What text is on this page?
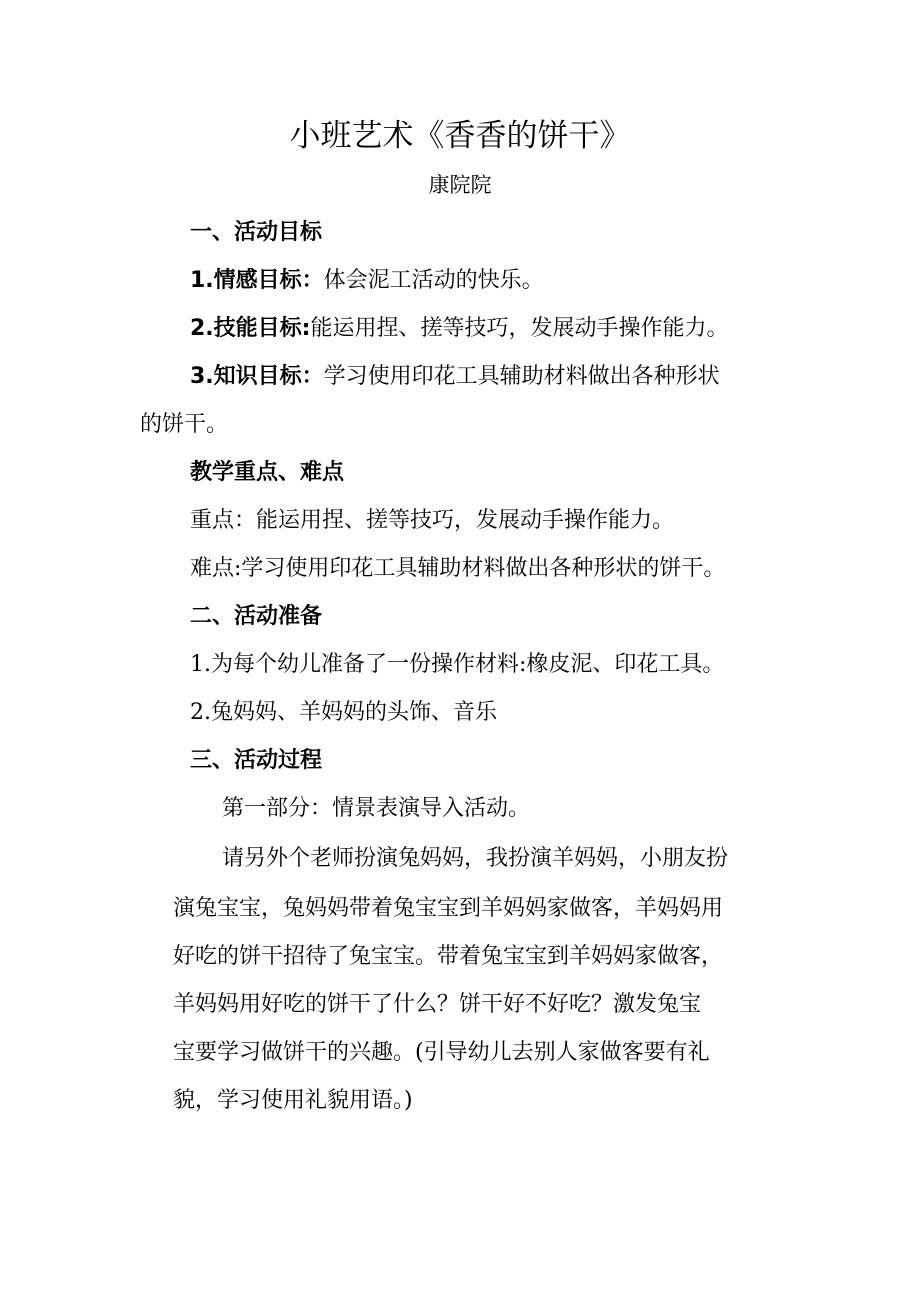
小班艺术《香香的饼干》
康院院
一、活动目标
1.情感目标：体会泥工活动的快乐。
2.技能目标:能运用捏、搓等技巧，发展动手操作能力。
3.知识目标：学习使用印花工具辅助材料做出各种形状
的饼干。
教学重点、难点
重点：能运用捏、搓等技巧，发展动手操作能力。
难点:学习使用印花工具辅助材料做出各种形状的饼干。
二、活动准备
1.为每个幼儿准备了一份操作材料:橡皮泥、印花工具。
2.兔妈妈、羊妈妈的头饰、音乐
三、活动过程
第一部分：情景表演导入活动。
请另外个老师扮演兔妈妈，我扮演羊妈妈，小朋友扮
演兔宝宝，兔妈妈带着兔宝宝到羊妈妈家做客，羊妈妈用
好吃的饼干招待了兔宝宝。带着兔宝宝到羊妈妈家做客，
羊妈妈用好吃的饼干了什么？饼干好不好吃？激发兔宝
宝要学习做饼干的兴趣。(引导幼儿去别人家做客要有礼
貌，学习使用礼貌用语。)
